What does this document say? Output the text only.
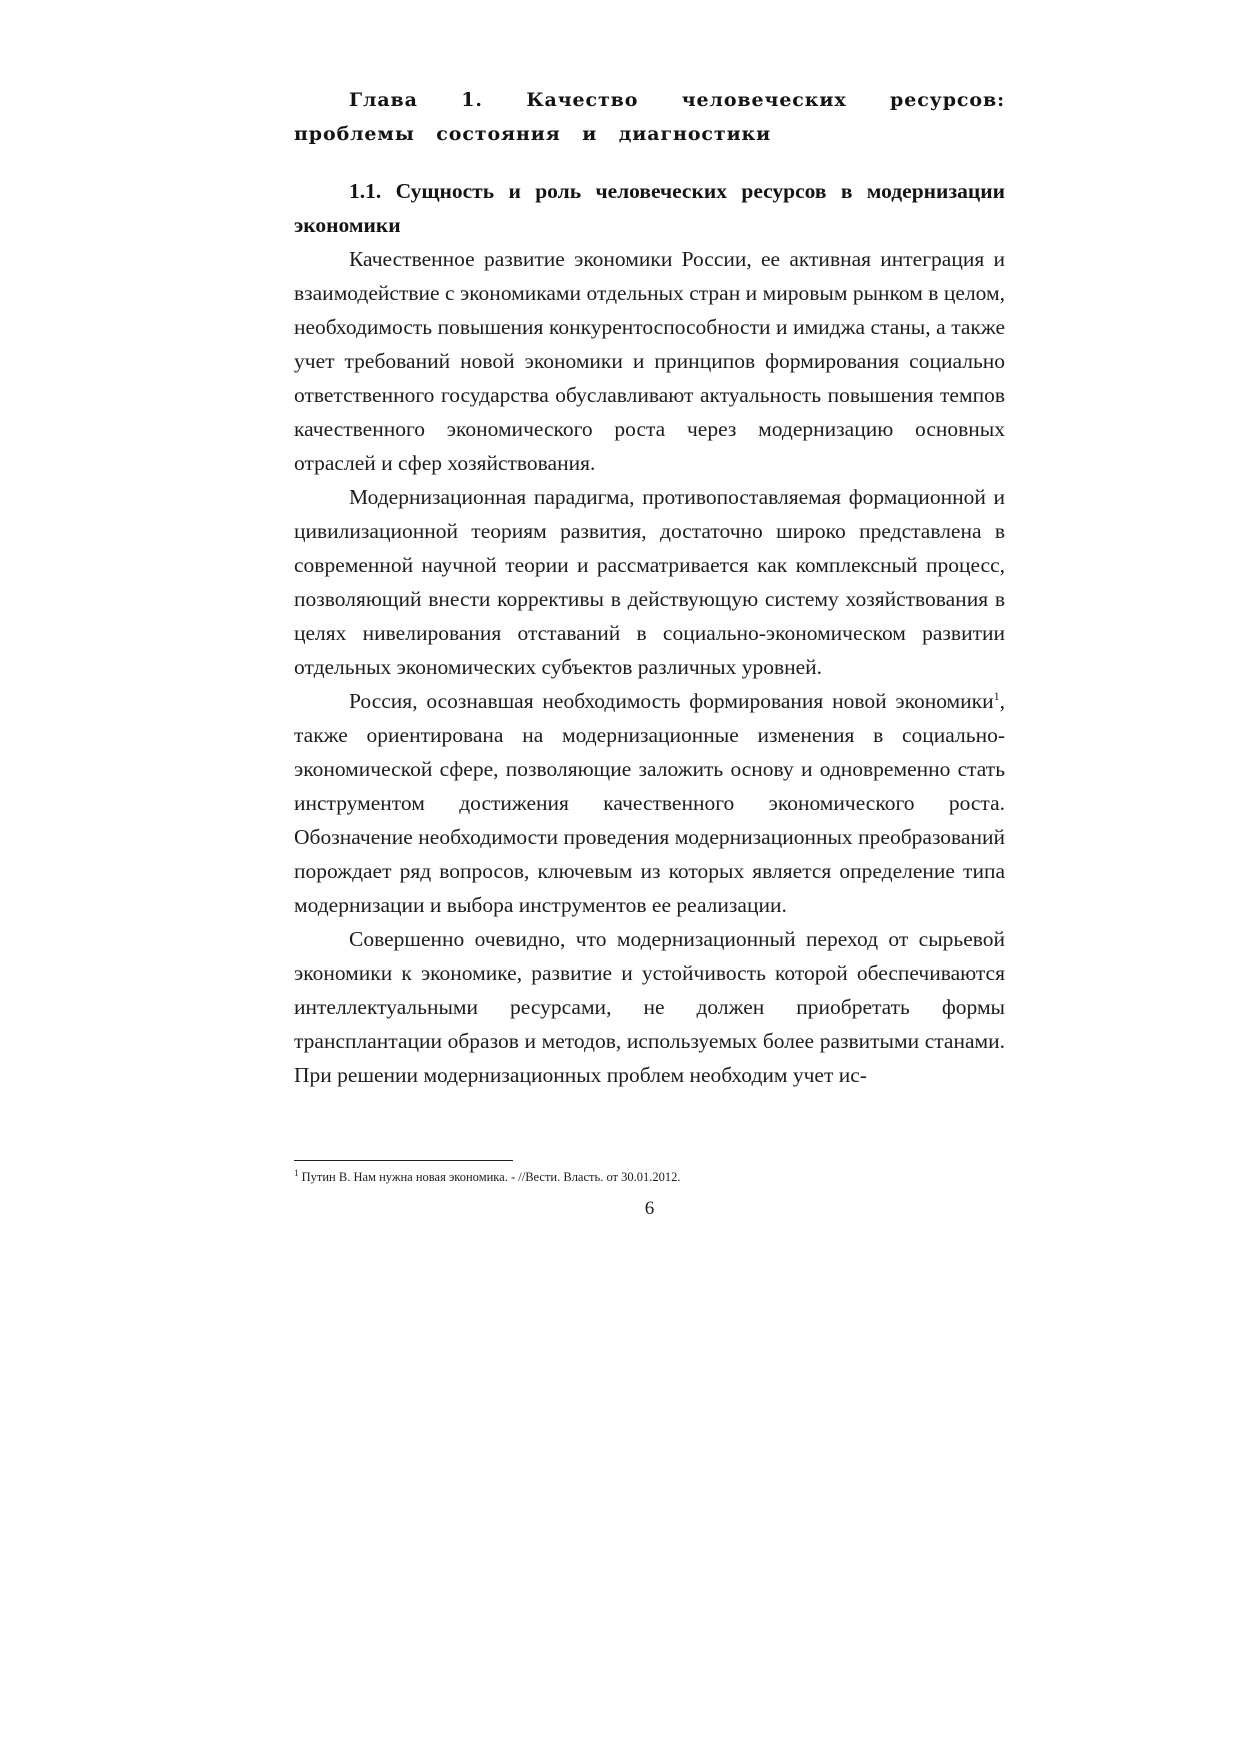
Глава 1. Качество человеческих ресурсов: проблемы состояния и диагностики
1.1. Сущность и роль человеческих ресурсов в модернизации экономики

Качественное развитие экономики России, ее активная интеграция и взаимодействие с экономиками отдельных стран и мировым рынком в целом, необходимость повышения конкурентоспособности и имиджа станы, а также учет требований новой экономики и принципов формирования социально ответственного государства обуславливают актуальность повышения темпов качественного экономического роста через модернизацию основных отраслей и сфер хозяйствования.

Модернизационная парадигма, противопоставляемая формационной и цивилизационной теориям развития, достаточно широко представлена в современной научной теории и рассматривается как комплексный процесс, позволяющий внести коррективы в действующую систему хозяйствования в целях нивелирования отставаний в социально-экономическом развитии отдельных экономических субъектов различных уровней.

Россия, осознавшая необходимость формирования новой экономики$^1$, также ориентирована на модернизационные изменения в социально-экономической сфере, позволяющие заложить основу и одновременно стать инструментом достижения качественного экономического роста. Обозначение необходимости проведения модернизационных преобразований порождает ряд вопросов, ключевым из которых является определение типа модернизации и выбора инструментов ее реализации.

Совершенно очевидно, что модернизационный переход от сырьевой экономики к экономике, развитие и устойчивость которой обеспечиваются интеллектуальными ресурсами, не должен приобретать формы трансплантации образов и методов, используемых более развитыми станами. При решении модернизационных проблем необходим учет ис-

$^1$ Путин В. Нам нужна новая экономика. - //Вести. Власть. от 30.01.2012.

6
